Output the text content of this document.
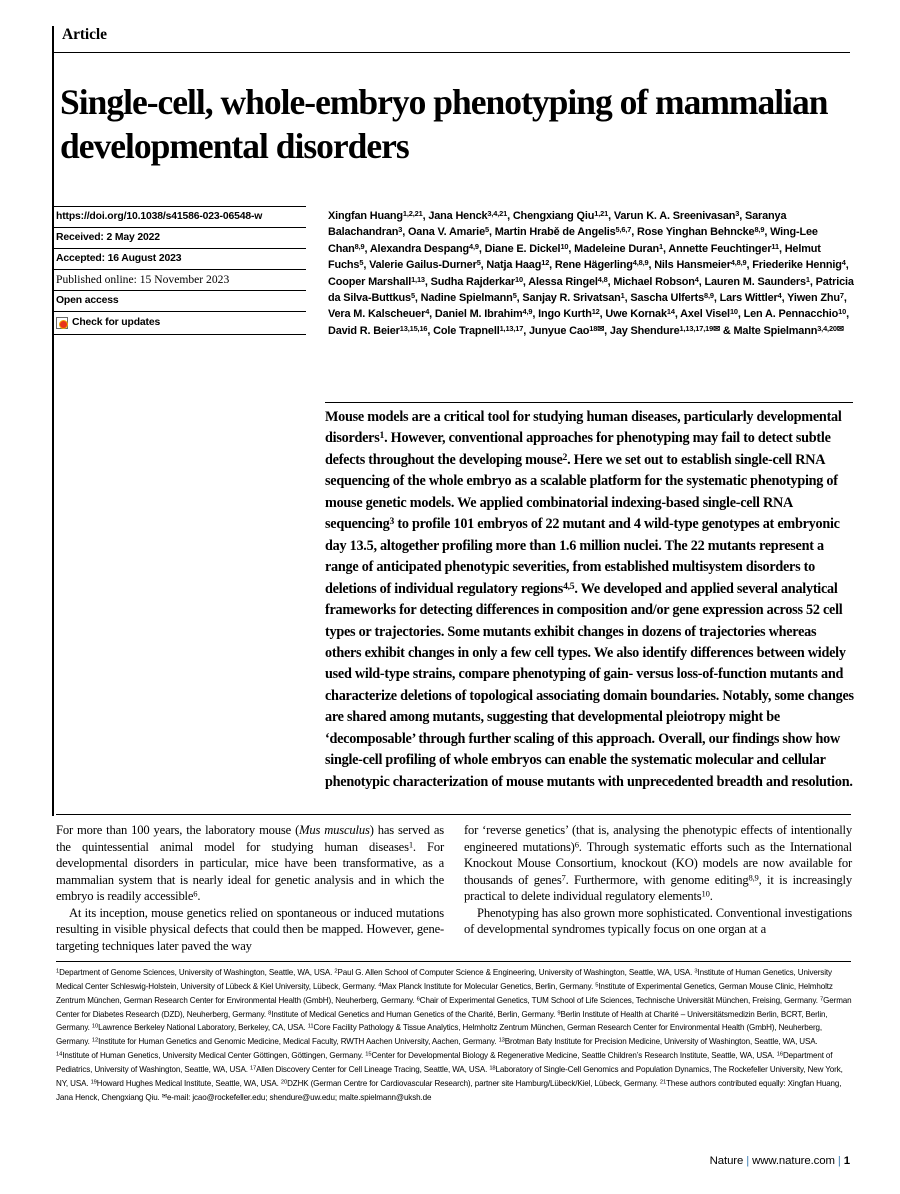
Article
Single-cell, whole-embryo phenotyping of mammalian developmental disorders
https://doi.org/10.1038/s41586-023-06548-w
Received: 2 May 2022
Accepted: 16 August 2023
Published online: 15 November 2023
Open access
Check for updates
Xingfan Huang$^{1,2,21}$, Jana Henck$^{3,4,21}$, Chengxiang Qiu$^{1,21}$, Varun K. A. Sreenivasan$^3$, Saranya Balachandran$^3$, Oana V. Amarie$^5$, Martin Hrabě de Angelis$^{5,6,7}$, Rose Yinghan Behncke$^{8,9}$, Wing-Lee Chan$^{8,9}$, Alexandra Despang$^{4,9}$, Diane E. Dickel$^{10}$, Madeleine Duran$^1$, Annette Feuchtinger$^{11}$, Helmut Fuchs$^5$, Valerie Gailus-Durner$^5$, Natja Haag$^{12}$, Rene Hägerling$^{4,8,9}$, Nils Hansmeier$^{4,8,9}$, Friederike Hennig$^4$, Cooper Marshall$^{1,13}$, Sudha Rajderkar$^{10}$, Alessa Ringel$^{4,8}$, Michael Robson$^4$, Lauren M. Saunders$^1$, Patricia da Silva-Buttkus$^5$, Nadine Spielmann$^5$, Sanjay R. Srivatsan$^1$, Sascha Ulferts$^{8,9}$, Lars Wittler$^4$, Yiwen Zhu$^7$, Vera M. Kalscheuer$^4$, Daniel M. Ibrahim$^{4,9}$, Ingo Kurth$^{12}$, Uwe Kornak$^{14}$, Axel Visel$^{10}$, Len A. Pennacchio$^{10}$, David R. Beier$^{13,15,16}$, Cole Trapnell$^{1,13,17}$, Junyue Cao$^{18✉}$, Jay Shendure$^{1,13,17,19✉}$ & Malte Spielmann$^{3,4,20✉}$
Mouse models are a critical tool for studying human diseases, particularly developmental disorders$^1$. However, conventional approaches for phenotyping may fail to detect subtle defects throughout the developing mouse$^2$. Here we set out to establish single-cell RNA sequencing of the whole embryo as a scalable platform for the systematic phenotyping of mouse genetic models. We applied combinatorial indexing-based single-cell RNA sequencing$^3$ to profile 101 embryos of 22 mutant and 4 wild-type genotypes at embryonic day 13.5, altogether profiling more than 1.6 million nuclei. The 22 mutants represent a range of anticipated phenotypic severities, from established multisystem disorders to deletions of individual regulatory regions$^{4,5}$. We developed and applied several analytical frameworks for detecting differences in composition and/or gene expression across 52 cell types or trajectories. Some mutants exhibit changes in dozens of trajectories whereas others exhibit changes in only a few cell types. We also identify differences between widely used wild-type strains, compare phenotyping of gain- versus loss-of-function mutants and characterize deletions of topological associating domain boundaries. Notably, some changes are shared among mutants, suggesting that developmental pleiotropy might be ‘decomposable’ through further scaling of this approach. Overall, our findings show how single-cell profiling of whole embryos can enable the systematic molecular and cellular phenotypic characterization of mouse mutants with unprecedented breadth and resolution.

For more than 100 years, the laboratory mouse (Mus musculus) has served as the quintessential animal model for studying human diseases$^1$. For developmental disorders in particular, mice have been transformative, as a mammalian system that is nearly ideal for genetic analysis and in which the embryo is readily accessible$^6$.

At its inception, mouse genetics relied on spontaneous or induced mutations resulting in visible physical defects that could then be mapped. However, gene-targeting techniques later paved the way

for ‘reverse genetics’ (that is, analysing the phenotypic effects of intentionally engineered mutations)$^6$. Through systematic efforts such as the International Knockout Mouse Consortium, knockout (KO) models are now available for thousands of genes$^7$. Furthermore, with genome editing$^{8,9}$, it is increasingly practical to delete individual regulatory elements$^{10}$.

Phenotyping has also grown more sophisticated. Conventional investigations of developmental syndromes typically focus on one organ at a

$^1$Department of Genome Sciences, University of Washington, Seattle, WA, USA. $^2$Paul G. Allen School of Computer Science & Engineering, University of Washington, Seattle, WA, USA. $^3$Institute of Human Genetics, University Medical Center Schleswig-Holstein, University of Lübeck & Kiel University, Lübeck, Germany. $^4$Max Planck Institute for Molecular Genetics, Berlin, Germany. $^5$Institute of Experimental Genetics, German Mouse Clinic, Helmholtz Zentrum München, German Research Center for Environmental Health (GmbH), Neuherberg, Germany. $^6$Chair of Experimental Genetics, TUM School of Life Sciences, Technische Universität München, Freising, Germany. $^7$German Center for Diabetes Research (DZD), Neuherberg, Germany. $^8$Institute of Medical Genetics and Human Genetics of the Charité, Berlin, Germany. $^9$Berlin Institute of Health at Charité – Universitätsmedizin Berlin, BCRT, Berlin, Germany. $^{10}$Lawrence Berkeley National Laboratory, Berkeley, CA, USA. $^{11}$Core Facility Pathology & Tissue Analytics, Helmholtz Zentrum München, German Research Center for Environmental Health (GmbH), Neuherberg, Germany. $^{12}$Institute for Human Genetics and Genomic Medicine, Medical Faculty, RWTH Aachen University, Aachen, Germany. $^{13}$Brotman Baty Institute for Precision Medicine, University of Washington, Seattle, WA, USA. $^{14}$Institute of Human Genetics, University Medical Center Göttingen, Göttingen, Germany. $^{15}$Center for Developmental Biology & Regenerative Medicine, Seattle Children’s Research Institute, Seattle, WA, USA. $^{16}$Department of Pediatrics, University of Washington, Seattle, WA, USA. $^{17}$Allen Discovery Center for Cell Lineage Tracing, Seattle, WA, USA. $^{18}$Laboratory of Single-Cell Genomics and Population Dynamics, The Rockefeller University, New York, NY, USA. $^{19}$Howard Hughes Medical Institute, Seattle, WA, USA. $^{20}$DZHK (German Centre for Cardiovascular Research), partner site Hamburg/Lübeck/Kiel, Lübeck, Germany. $^{21}$These authors contributed equally: Xingfan Huang, Jana Henck, Chengxiang Qiu. ✉e-mail: jcao@rockefeller.edu; shendure@uw.edu; malte.spielmann@uksh.de
Nature | www.nature.com | 1
